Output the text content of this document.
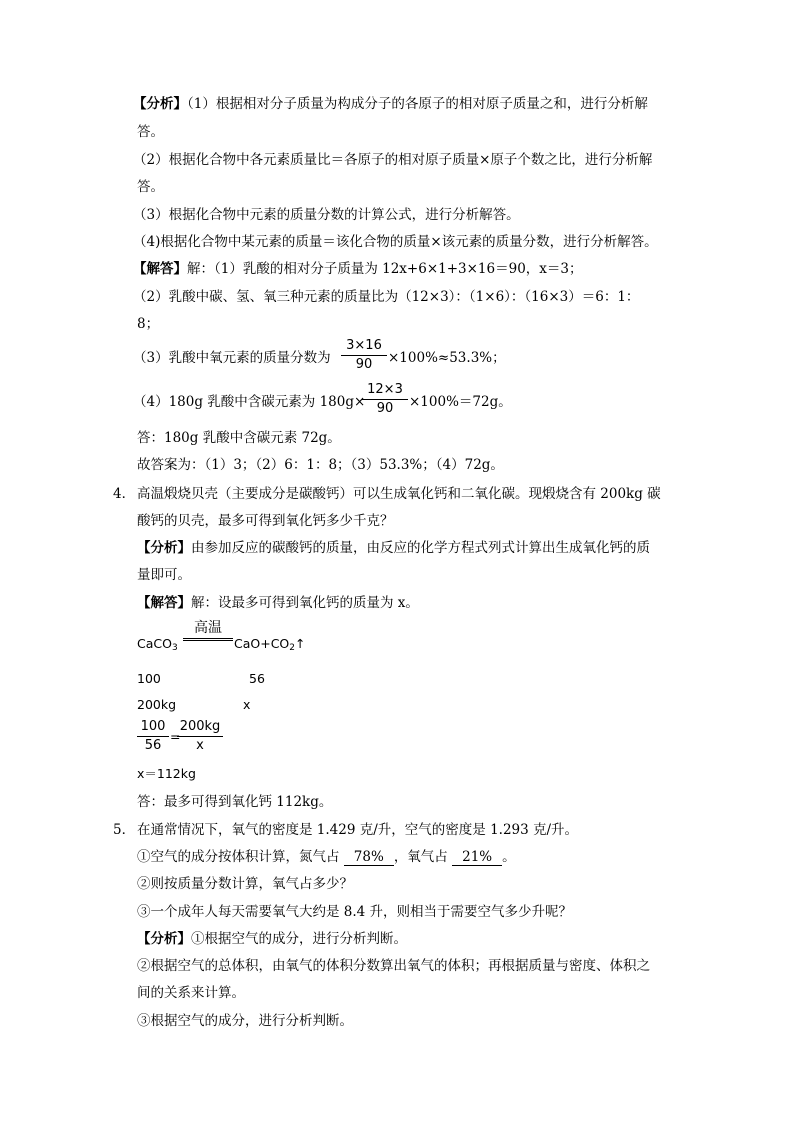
【分析】（1）根据相对分子质量为构成分子的各原子的相对原子质量之和，进行分析解
答。
（2）根据化合物中各元素质量比＝各原子的相对原子质量×原子个数之比，进行分析解
答。
（3）根据化合物中元素的质量分数的计算公式，进行分析解答。
（4)根据化合物中某元素的质量＝该化合物的质量×该元素的质量分数，进行分析解答。
【解答】解：（1）乳酸的相对分子质量为 12x+6×1+3×16＝90，x＝3；
（2）乳酸中碳、氢、氧三种元素的质量比为（12×3）：（1×6）：（16×3）＝6：1：
8；
（3）乳酸中氧元素的质量分数为
3×16
90	×100%≈53.3%；
（4）180g 乳酸中含碳元素为 180g×
12×3
90	×100%＝72g。
答：180g 乳酸中含碳元素 72g。
故答案为：（1）3；（2）6：1：8；（3）53.3%；（4）72g。
4． 高温煅烧贝壳（主要成分是碳酸钙）可以生成氧化钙和二氧化碳。现煅烧含有 200kg 碳
酸钙的贝壳，最多可得到氧化钙多少千克？
【分析】由参加反应的碳酸钙的质量，由反应的化学方程式列式计算出生成氧化钙的质
量即可。
【解答】解：设最多可得到氧化钙的质量为 x。
CaCO$_3$
高温
$CaO+CO_2↑$
100	56
200kg	x
100
56
=
200kg
x
x＝112kg
答：最多可得到氧化钙 112kg。
5． 在通常情况下，氧气的密度是 1.429 克/升，空气的密度是 1.293 克/升。
①空气的成分按体积计算，氮气占 78% ，氧气占 21% 。
②则按质量分数计算，氧气占多少？
③一个成年人每天需要氧气大约是 8.4 升，则相当于需要空气多少升呢？
【分析】①根据空气的成分，进行分析判断。
②根据空气的总体积，由氧气的体积分数算出氧气的体积；再根据质量与密度、体积之
间的关系来计算。
③根据空气的成分，进行分析判断。
